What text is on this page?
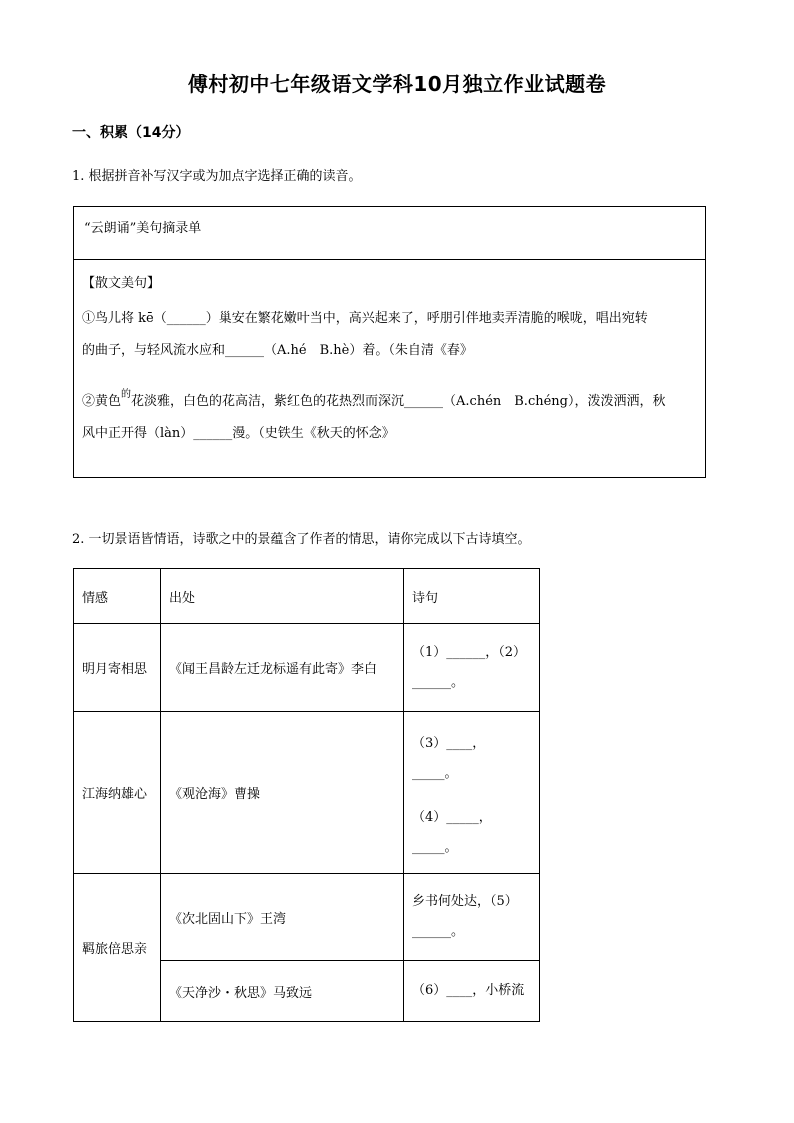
傅村初中七年级语文学科10月独立作业试题卷
一、积累（14分）
1. 根据拼音补写汉字或为加点字选择正确的读音。
“云朗诵”美句摘录单
【散文美句】
①鸟儿将 kē（______）巢安在繁花嫩叶当中，高兴起来了，呼朋引伴地卖弄清脆的喉咙，唱出宛转
的曲子，与轻风流水应和______（A.hé　B.hè）着。（朱自清《春》
②黄色$^的$花淡雅，白色的花高洁，紫红色的花热烈而深沉______（A.chén　B.chéng），泼泼洒洒，秋
风中正开得（làn）______漫。（史铁生《秋天的怀念》
2. 一切景语皆情语，诗歌之中的景蕴含了作者的情思，请你完成以下古诗填空。
情感	出处	诗句
明月寄相思	《闻王昌龄左迁龙标遥有此寄》李白	（1）______，（2）
______。

江海纳雄心	《观沧海》曹操	（3）____，
_____。
（4）_____，
_____。

羁旅倍思亲	《次北固山下》王湾	乡书何处达，（5）
______。

	《天净沙・秋思》马致远	（6）____，小桥流
